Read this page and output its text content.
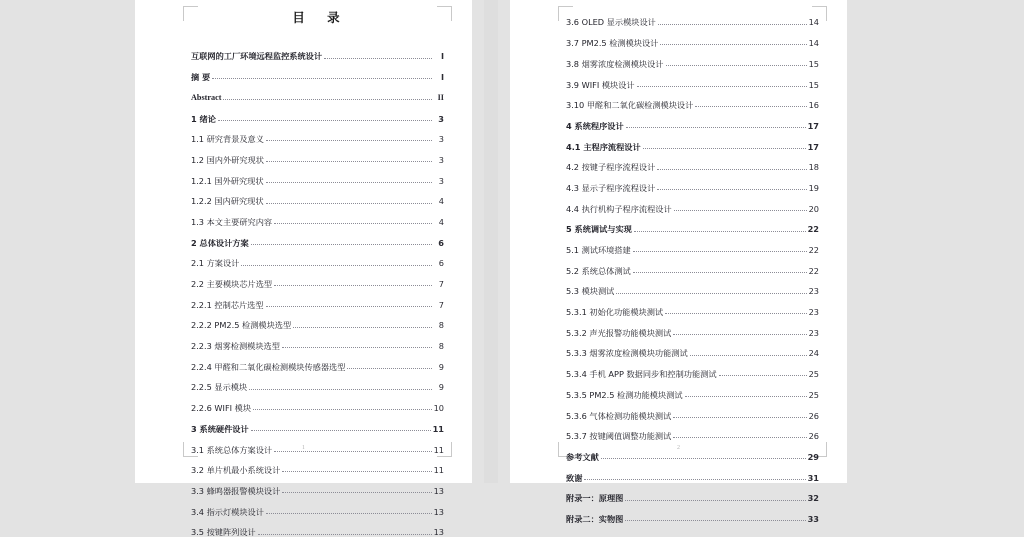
目 录
互联网的工厂环境远程监控系统设计	I
摘 要	I
Abstract	II
1 绪论	3
1.1 研究背景及意义	3
1.2 国内外研究现状	3
1.2.1 国外研究现状	3
1.2.2 国内研究现状	4
1.3 本文主要研究内容	4
2 总体设计方案	6
2.1 方案设计	6
2.2 主要模块芯片选型	7
2.2.1 控制芯片选型	7
2.2.2 PM2.5 检测模块选型	8
2.2.3 烟雾检测模块选型	8
2.2.4 甲醛和二氧化碳检测模块传感器选型	9
2.2.5 显示模块	9
2.2.6 WIFI 模块	10
3 系统硬件设计	11
3.1 系统总体方案设计	11
3.2 单片机最小系统设计	11
3.3 蜂鸣器报警模块设计	13
3.4 指示灯模块设计	13
3.5 按键阵列设计	13
1
3.6 OLED 显示模块设计	14
3.7 PM2.5 检测模块设计	14
3.8 烟雾浓度检测模块设计	15
3.9 WIFI 模块设计	15
3.10 甲醛和二氧化碳检测模块设计	16
4 系统程序设计	17
4.1 主程序流程设计	17
4.2 按键子程序流程设计	18
4.3 显示子程序流程设计	19
4.4 执行机构子程序流程设计	20
5 系统调试与实现	22
5.1 测试环境搭建	22
5.2 系统总体测试	22
5.3 模块测试	23
5.3.1 初始化功能模块测试	23
5.3.2 声光报警功能模块测试	23
5.3.3 烟雾浓度检测模块功能测试	24
5.3.4 手机 APP 数据同步和控制功能测试	25
5.3.5 PM2.5 检测功能模块测试	25
5.3.6 气体检测功能模块测试	26
5.3.7 按键阈值调整功能测试	26
参考文献	29
致谢	31
附录一：原理图	32
附录二：实物图	33
2
